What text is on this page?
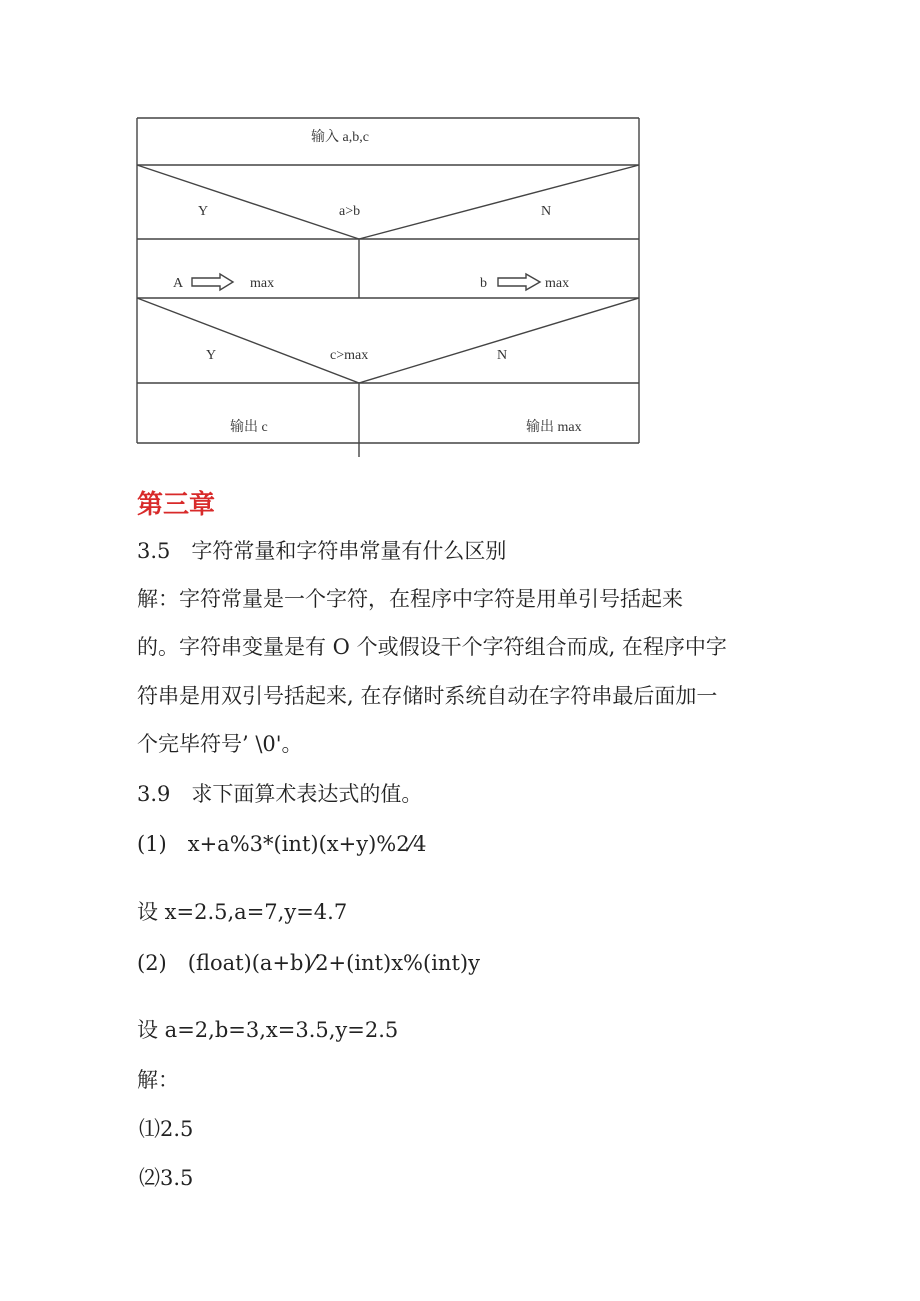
输入 a,b,c
Y	a>b	N
A	max	b	max
Y	c>max	N
输出 c	输出 max
第三章

3.5　字符常量和字符串常量有什么区别

解：字符常量是一个字符，在程序中字符是用单引号括起来

的。字符串变量是有 O 个或假设干个字符组合而成, 在程序中字

符串是用双引号括起来, 在存储时系统自动在字符串最后面加一

个完毕符号’ \0'。

3.9　求下面算术表达式的值。

(1)　x+a%3*(int)(x+y)%2⁄4

设 x=2.5,a=7,y=4.7

(2)　(float)(a+b)⁄2+(int)x%(int)y

设 a=2,b=3,x=3.5,y=2.5

解：

⑴2.5

⑵3.5
